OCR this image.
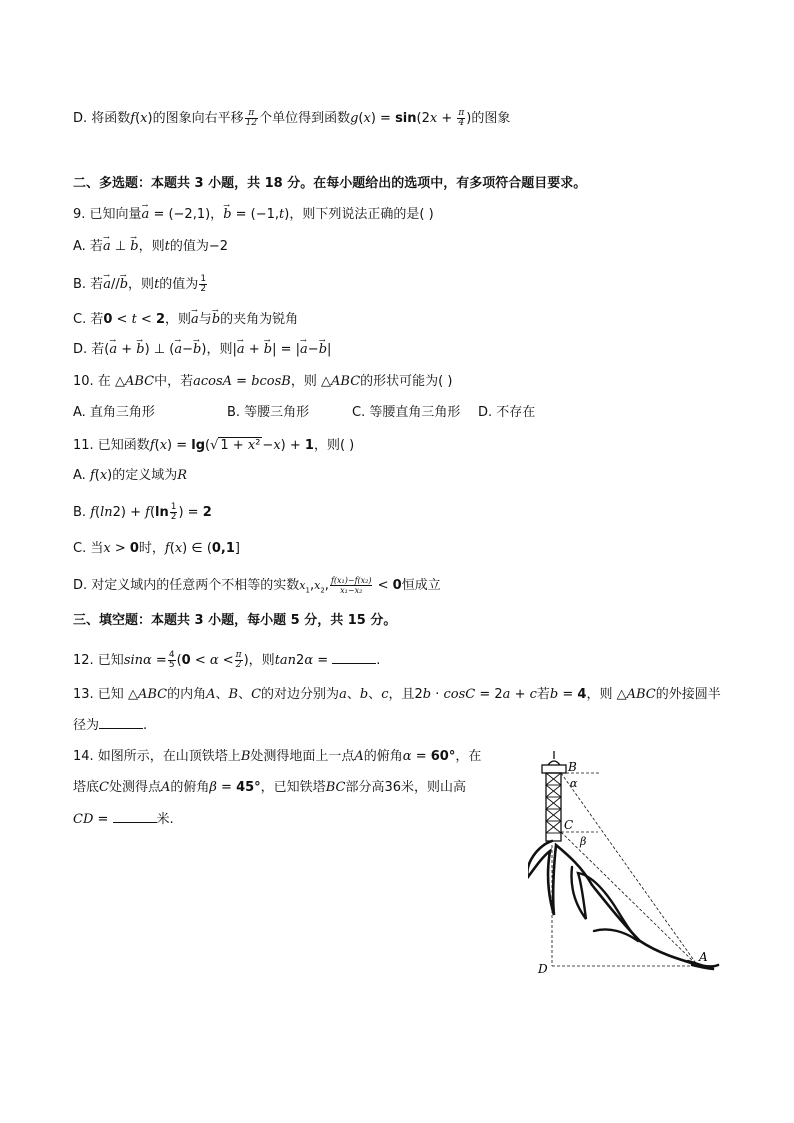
D. 将函数f(x)的图象向右平移 $\frac{\pi}{12}$ 个单位得到函数$g(x) = \sin(2x + \frac{\pi}{4}$ )的图象
二、多选题：本题共 3 小题，共 18 分。在每小题给出的选项中，有多项符合题目要求。
9. 已知向量→ a = (−2,1)，→ b = (−1,t)，则下列说法正确的是( )
A. 若→ a ⊥ → b，则t的值为−2
B. 若→ a//→ b，则t的值为 $\frac{1}{2}$
C. 若0 < t < 2，则→ a与→ b的夹角为锐角
D. 若(→ a + → b) ⊥ (→ a−→ b)，则|→ a + → b| = |→ a−→ b|
10. 在 △ABC中，若acosA = bcosB，则 △ABC的形状可能为( )
A. 直角三角形	B. 等腰三角形	C. 等腰直角三角形 D. 不存在
11. 已知函数f(x) = lg(√ 1 + x² −x) + 1，则( )
A. f(x)的定义域为R
B. $f(\ln 2) + f(\ln \frac{1}{2}$ ) = 2
C. 当x > 0时，f(x) ∈ (0,1]
D. 对定义域内的任意两个不相等的实数$x_1,x_2$, $\frac{\text{f(x₁)−f(x₂)}}{\text{x₁−x₂}} < 0$恒成立
三、填空题：本题共 3 小题，每小题 5 分，共 15 分。
12. 已知$\sin\alpha = \frac{4}{5} (0 < \alpha < \frac{\pi}{2}$ )，则tan2α =	.
13. 已知 △ABC的内角A、B、C的对边分别为a、b、c，且2b · cosC = 2a + c若b = 4，则 △ABC的外接圆半
径为	.
14. 如图所示，在山顶铁塔上B处测得地面上一点A的俯角α = 60°，在
塔底C处测得点A的俯角β = 45°，已知铁塔BC部分高36米，则山高
CD =	米.
B
α
C
β
D
A
